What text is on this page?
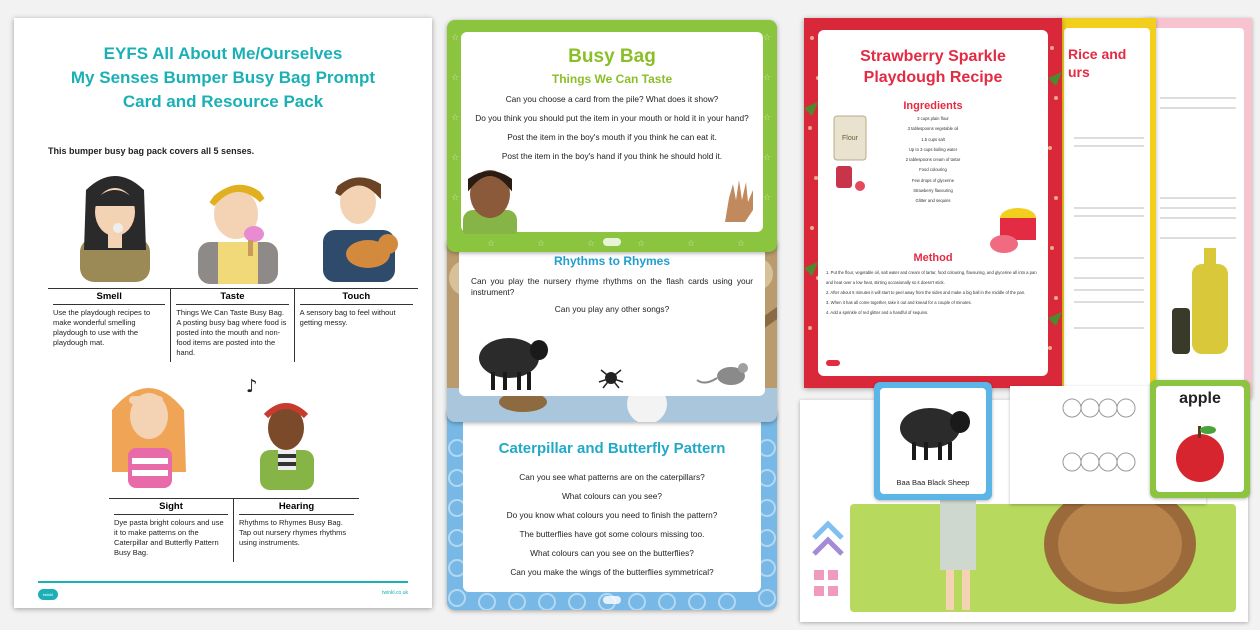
EYFS All About Me/Ourselves
My Senses Bumper Busy Bag Prompt
Card and Resource Pack
This bumper busy bag pack covers all 5 senses.
Smell
Use the playdough recipes to make wonderful smelling playdough to use with the playdough mat.
Taste
Things We Can Taste Busy Bag. A posting busy bag where food is posted into the mouth and non-food items are posted into the hand.
Touch
A sensory bag to feel without getting messy.
♪
Sight
Dye pasta bright colours and use it to make patterns on the Caterpillar and Butterfly Pattern Busy Bag.
Hearing
Rhythms to Rhymes Busy Bag. Tap out nursery rhymes rhythms using instruments.
twinkl	twinkl.co.uk
Caterpillar and Butterfly Pattern
Can you see what patterns are on the caterpillars?
What colours can you see?
Do you know what colours you need to finish the pattern?
The butterflies have got some colours missing too.
What colours can you see on the butterflies?
Can you make the wings of the butterflies symmetrical?
Rhythms to Rhymes
Can you play the nursery rhyme rhythms on the flash cards using your instrument?
Can you play any other songs?
☆
☆
☆
☆
☆
☆
☆
☆
☆
☆
☆	☆	☆	☆	☆	☆
Busy Bag
Things We Can Taste
Can you choose a card from the pile? What does it show?
Do you think you should put the item in your mouth or hold it in your hand?
Post the item in the boy's mouth if you think he can eat it.
Post the item in the boy's hand if you think he should hold it.
Rice and
urs
Strawberry Sparkle
Playdough Recipe
Ingredients
3 cups plain flour
3 tablespoons vegetable oil
1.5 cups salt
Up to 3 cups boiling water
2 tablespoons cream of tartar
Food colouring
Few drops of glycerine
Strawberry flavouring
Glitter and sequins
Flour
Method
1. Put the flour, vegetable oil, salt water and cream of tartar, food colouring, flavouring, and glycerine all into a pan and heat over a low heat, stirring occasionally so it doesn't stick.
2. After about 5 minutes it will start to peel away from the sides and make a big ball in the middle of the pan.
3. When it has all come together, take it out and knead for a couple of minutes.
4. Add a sprinkle of red glitter and a handful of sequins.
apple
Baa Baa Black Sheep
